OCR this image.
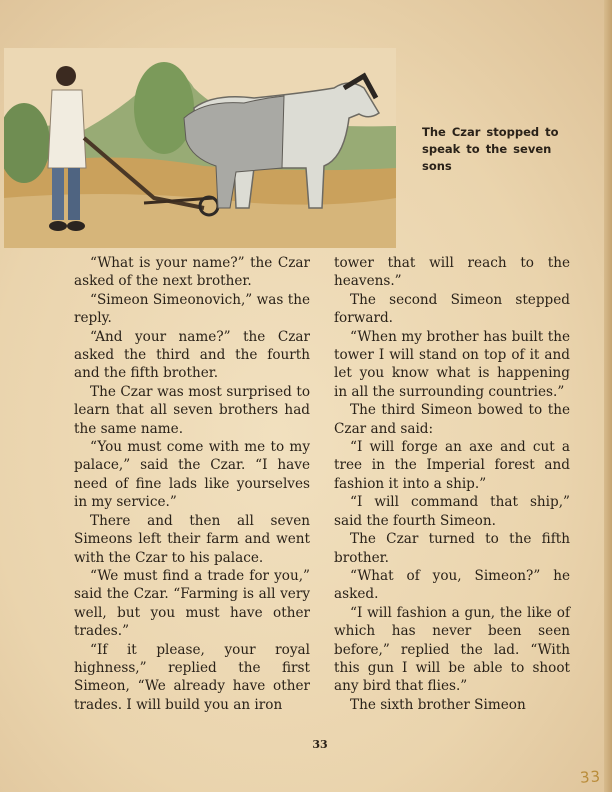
The Czar stopped to speak to the seven sons

“What is your name?” the Czar asked of the next brother.

“Simeon Simeonovich,” was the reply.

“And your name?” the Czar asked the third and the fourth and the fifth brother.

The Czar was most surprised to learn that all seven brothers had the same name.

“You must come with me to my palace,” said the Czar. “I have need of fine lads like yourselves in my service.”

There and then all seven Simeons left their farm and went with the Czar to his palace.

“We must find a trade for you,” said the Czar. “Farming is all very well, but you must have other trades.”

“If it please, your royal highness,” replied the first Simeon, “We already have other trades. I will build you an iron

tower that will reach to the heavens.”

The second Simeon stepped forward.

“When my brother has built the tower I will stand on top of it and let you know what is happening in all the surrounding countries.”

The third Simeon bowed to the Czar and said:

“I will forge an axe and cut a tree in the Imperial forest and fashion it into a ship.”

“I will command that ship,” said the fourth Simeon.

The Czar turned to the fifth brother.

“What of you, Simeon?” he asked.

“I will fashion a gun, the like of which has never been seen before,” replied the lad. “With this gun I will be able to shoot any bird that flies.”

The sixth brother Simeon

33
33
